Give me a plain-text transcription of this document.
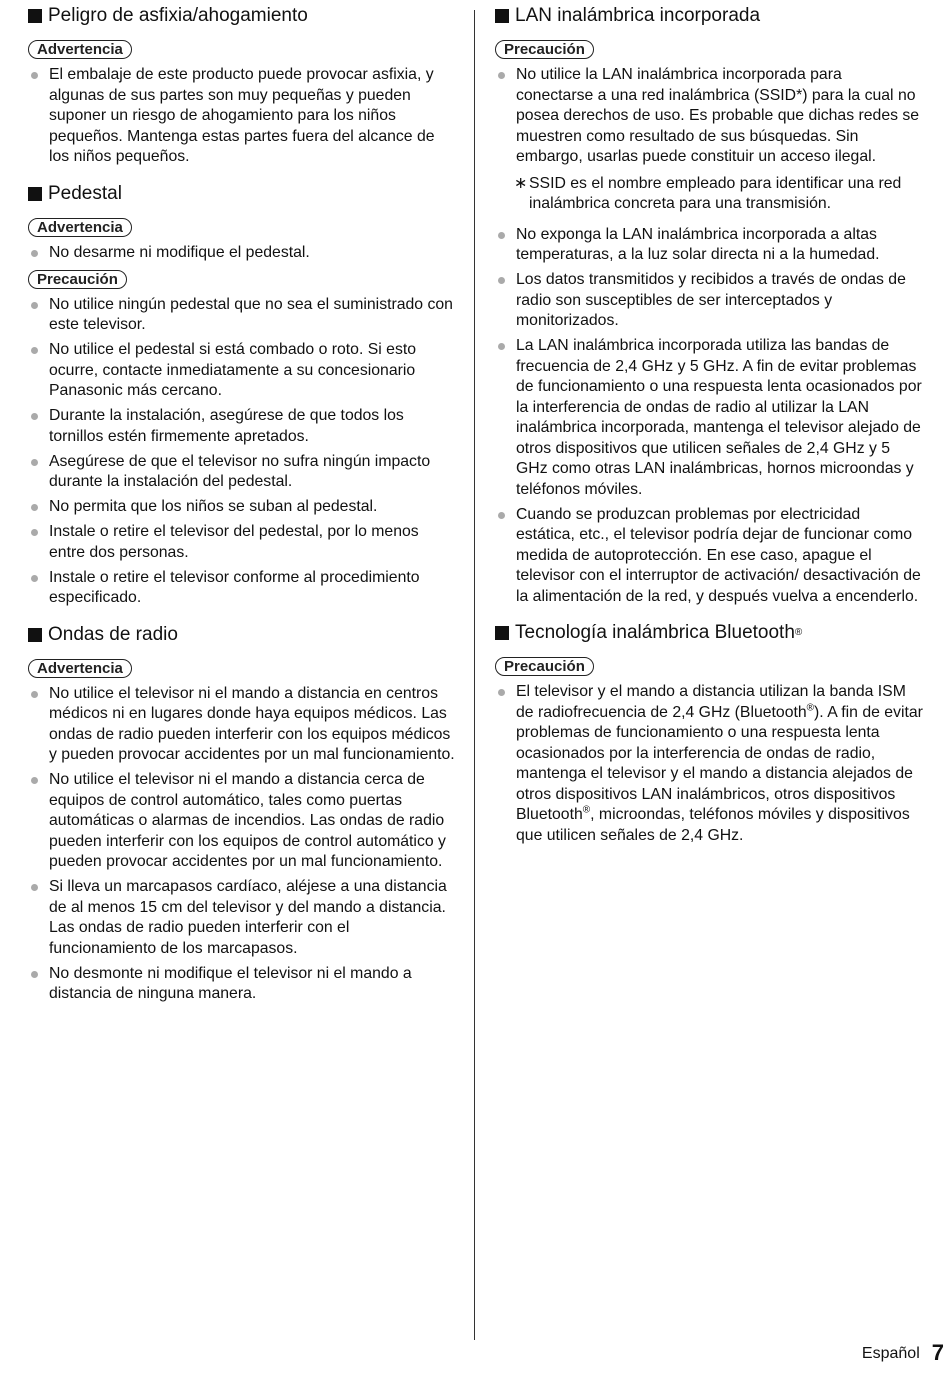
Peligro de asfixia/ahogamiento
Advertencia
El embalaje de este producto puede provocar asfixia, y algunas de sus partes son muy pequeñas y pueden suponer un riesgo de ahogamiento para los niños pequeños. Mantenga estas partes fuera del alcance de los niños pequeños.
Pedestal
Advertencia
No desarme ni modifique el pedestal.
Precaución
No utilice ningún pedestal que no sea el suministrado con este televisor.
No utilice el pedestal si está combado o roto. Si esto ocurre, contacte inmediatamente a su concesionario Panasonic más cercano.
Durante la instalación, asegúrese de que todos los tornillos estén firmemente apretados.
Asegúrese de que el televisor no sufra ningún impacto durante la instalación del pedestal.
No permita que los niños se suban al pedestal.
Instale o retire el televisor del pedestal, por lo menos entre dos personas.
Instale o retire el televisor conforme al procedimiento especificado.
Ondas de radio
Advertencia
No utilice el televisor ni el mando a distancia en centros médicos ni en lugares donde haya equipos médicos. Las ondas de radio pueden interferir con los equipos médicos y pueden provocar accidentes por un mal funcionamiento.
No utilice el televisor ni el mando a distancia cerca de equipos de control automático, tales como puertas automáticas o alarmas de incendios. Las ondas de radio pueden interferir con los equipos de control automático y pueden provocar accidentes por un mal funcionamiento.
Si lleva un marcapasos cardíaco, aléjese a una distancia de al menos 15 cm del televisor y del mando a distancia. Las ondas de radio pueden interferir con el funcionamiento de los marcapasos.
No desmonte ni modifique el televisor ni el mando a distancia de ninguna manera.
LAN inalámbrica incorporada
Precaución
No utilice la LAN inalámbrica incorporada para conectarse a una red inalámbrica (SSID*) para la cual no posea derechos de uso. Es probable que dichas redes se muestren como resultado de sus búsquedas. Sin embargo, usarlas puede constituir un acceso ilegal.
∗ SSID es el nombre empleado para identificar una red inalámbrica concreta para una transmisión.
No exponga la LAN inalámbrica incorporada a altas temperaturas, a la luz solar directa ni a la humedad.
Los datos transmitidos y recibidos a través de ondas de radio son susceptibles de ser interceptados y monitorizados.
La LAN inalámbrica incorporada utiliza las bandas de frecuencia de 2,4 GHz y 5 GHz. A fin de evitar problemas de funcionamiento o una respuesta lenta ocasionados por la interferencia de ondas de radio al utilizar la LAN inalámbrica incorporada, mantenga el televisor alejado de otros dispositivos que utilicen señales de 2,4 GHz y 5 GHz como otras LAN inalámbricas, hornos microondas y teléfonos móviles.
Cuando se produzcan problemas por electricidad estática, etc., el televisor podría dejar de funcionar como medida de autoprotección. En ese caso, apague el televisor con el interruptor de activación/ desactivación de la alimentación de la red, y después vuelva a encenderlo.
Tecnología inalámbrica Bluetooth ®
Precaución
El televisor y el mando a distancia utilizan la banda ISM de radiofrecuencia de 2,4 GHz (Bluetooth®). A fin de evitar problemas de funcionamiento o una respuesta lenta ocasionados por la interferencia de ondas de radio, mantenga el televisor y el mando a distancia alejados de otros dispositivos LAN inalámbricos, otros dispositivos Bluetooth®, microondas, teléfonos móviles y dispositivos que utilicen señales de 2,4 GHz.
Español 7
